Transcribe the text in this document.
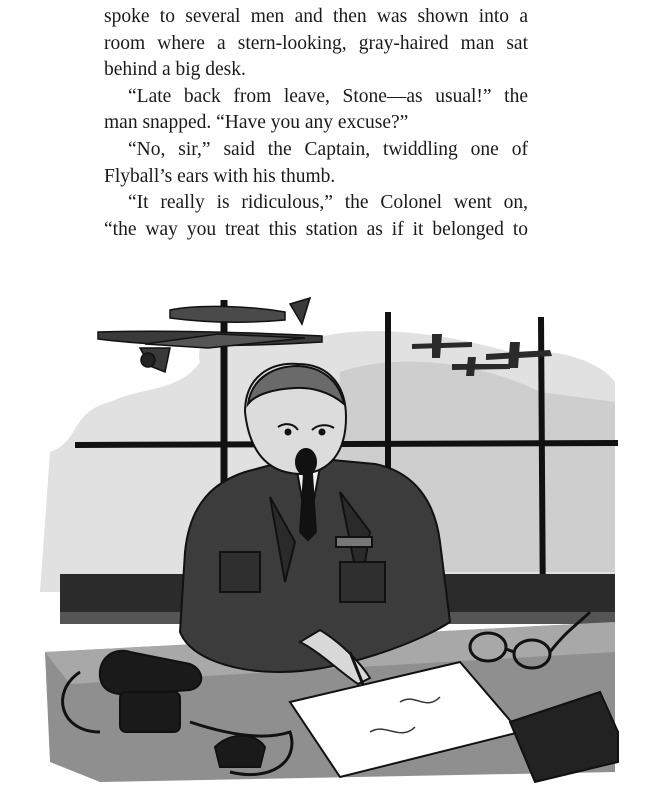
spoke to several men and then was shown into a
room where a stern-looking, gray-haired man sat
behind a big desk.
“Late back from leave, Stone—as usual!” the
man snapped. “Have you any excuse?”
“No, sir,” said the Captain, twiddling one of
Flyball’s ears with his thumb.
“It really is ridiculous,” the Colonel went on,
“the way you treat this station as if it belonged to
